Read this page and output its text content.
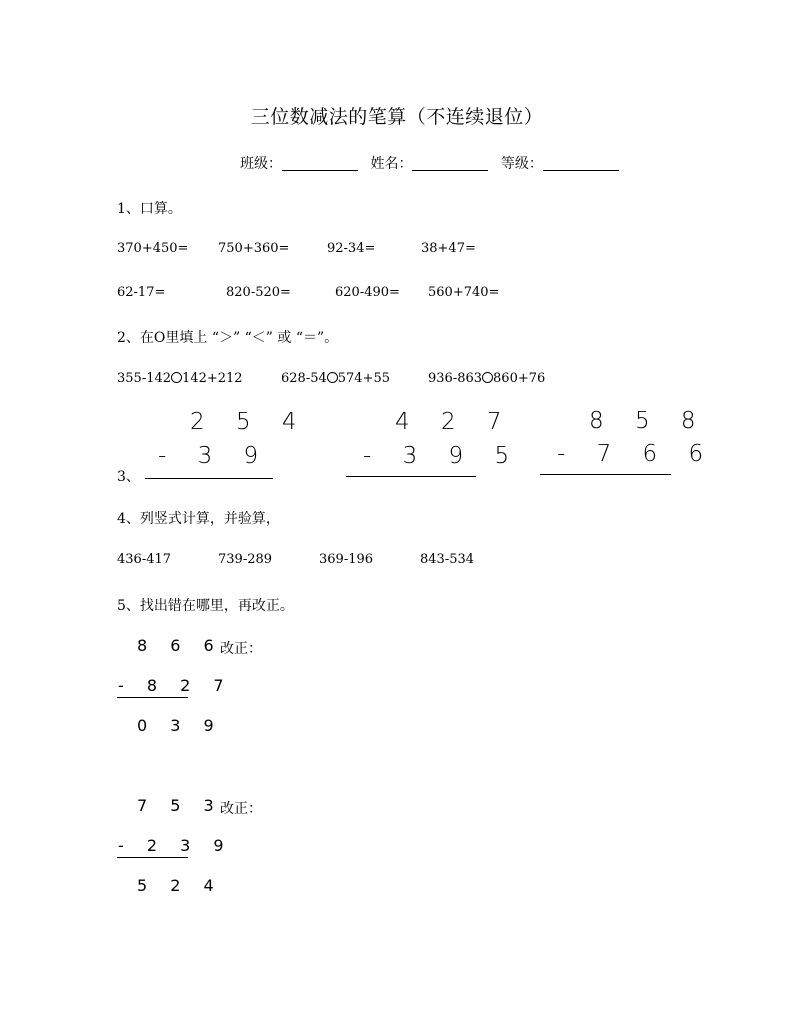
三位数减法的笔算（不连续退位）
班级：	姓名：	等级：
1、口算。
370+450= 750+360=	92-34=	38+47=
62-17=	820-520=	620-490= 560+740=
2、在O里填上 “＞” “＜” 或 “＝”。
355-142 142+212	628-54 574+55	936-863 860+76
2 5 4
- 3 9
3、
4 2 7
- 3 9 5
8 5 8
- 7 6 6
4、列竖式计算，并验算，
436-417	739-289	369-196	843-534
5、找出错在哪里，再改正。
8 6 6
改正：
- 8 2 7
0 3 9
7 5 3
改正：
- 2 3 9
5 2 4
